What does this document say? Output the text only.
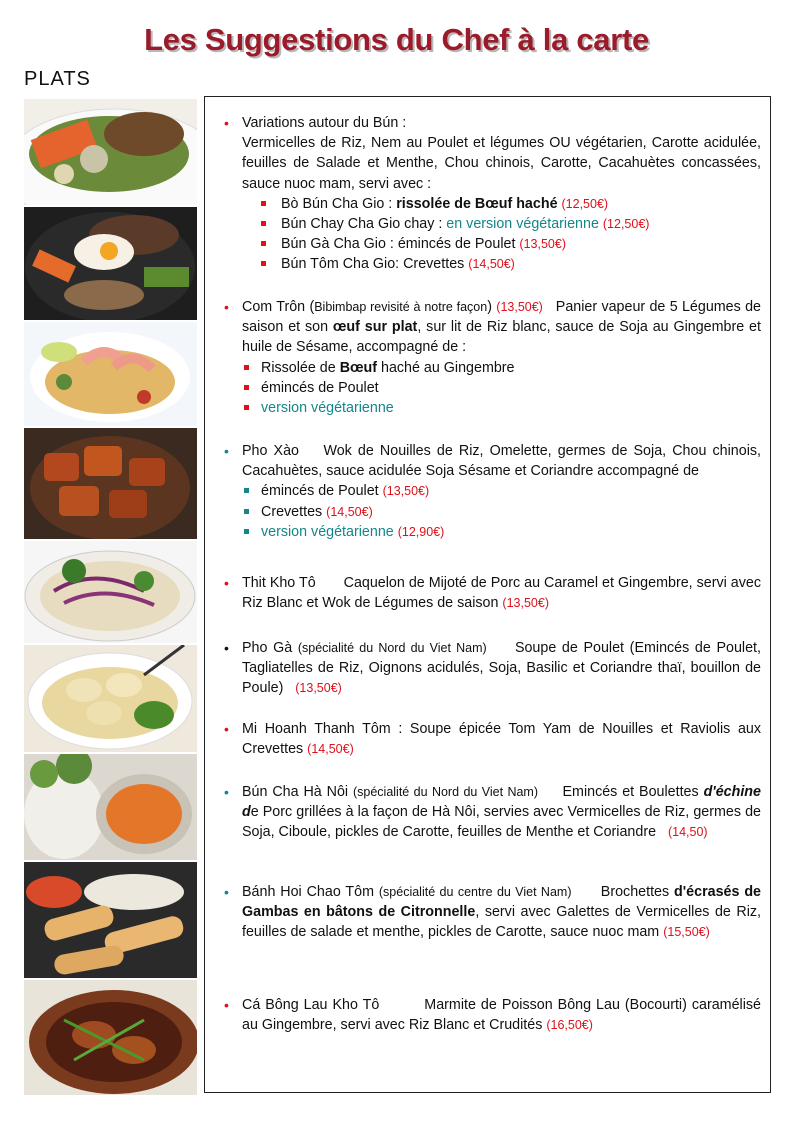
Les Suggestions du Chef à la carte
PLATS
• Variations autour du Bún :
Vermicelles de Riz, Nem au Poulet et légumes OU végétarien, Carotte acidulée, feuilles de Salade et Menthe, Chou chinois, Carotte, Cacahuètes concassées, sauce nuoc mam, servi avec :
Bò Bún Cha Gio : rissolée de Bœuf haché (12,50€)
Bún Chay Cha Gio chay : en version végétarienne (12,50€)
Bún Gà Cha Gio : émincés de Poulet (13,50€)
Bún Tôm Cha Gio: Crevettes (14,50€)
• Com Trôn (Bibimbap revisité à notre façon) (13,50€) Panier vapeur de 5 Légumes de saison et son œuf sur plat, sur lit de Riz blanc, sauce de Soja au Gingembre et huile de Sésame, accompagné de :
Rissolée de Bœuf haché au Gingembre
émincés de Poulet
version végétarienne
• Pho Xào Wok de Nouilles de Riz, Omelette, germes de Soja, Chou chinois, Cacahuètes, sauce acidulée Soja Sésame et Coriandre accompagné de
émincés de Poulet (13,50€)
Crevettes (14,50€)
version végétarienne (12,90€)
• Thit Kho Tô Caquelon de Mijoté de Porc au Caramel et Gingembre, servi avec Riz Blanc et Wok de Légumes de saison (13,50€)
• Pho Gà (spécialité du Nord du Viet Nam) Soupe de Poulet (Emincés de Poulet, Tagliatelles de Riz, Oignons acidulés, Soja, Basilic et Coriandre thaï, bouillon de Poule) (13,50€)
• Mi Hoanh Thanh Tôm : Soupe épicée Tom Yam de Nouilles et Raviolis aux Crevettes (14,50€)
• Bún Cha Hà Nôi (spécialité du Nord du Viet Nam) Emincés et Boulettes d'échine de Porc grillées à la façon de Hà Nôi, servies avec Vermicelles de Riz, germes de Soja, Ciboule, pickles de Carotte, feuilles de Menthe et Coriandre (14,50)
• Bánh Hoi Chao Tôm (spécialité du centre du Viet Nam) Brochettes d'écrasés de Gambas en bâtons de Citronnelle, servi avec Galettes de Vermicelles de Riz, feuilles de salade et menthe, pickles de Carotte, sauce nuoc mam (15,50€)
• Cá Bông Lau Kho Tô	Marmite de Poisson Bông Lau (Bocourti) caramélisé au Gingembre, servi avec Riz Blanc et Crudités (16,50€)
